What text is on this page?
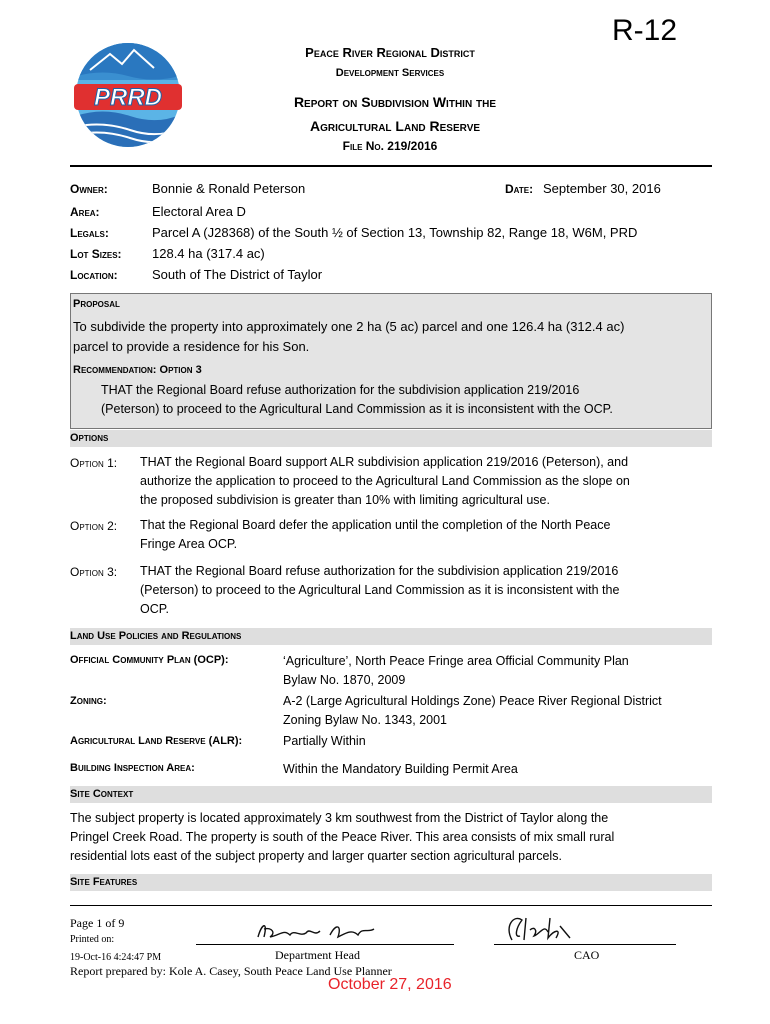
R-12
PRRD
Peace River Regional District
Development Services
Report on Subdivision Within the
Agricultural Land Reserve
File No. 219/2016
Owner:	Bonnie & Ronald Peterson	Date: September 30, 2016
Area:	Electoral Area D
Legals:	Parcel A (J28368) of the South ½ of Section 13, Township 82, Range 18, W6M, PRD
Lot Sizes: 128.4 ha (317.4 ac)
Location:	South of The District of Taylor
Proposal
To subdivide the property into approximately one 2 ha (5 ac) parcel and one 126.4 ha (312.4 ac)
parcel to provide a residence for his Son.
Recommendation: Option 3
THAT the Regional Board refuse authorization for the subdivision application 219/2016
(Peterson) to proceed to the Agricultural Land Commission as it is inconsistent with the OCP.
Options
Option 1: THAT the Regional Board support ALR subdivision application 219/2016 (Peterson), and
authorize the application to proceed to the Agricultural Land Commission as the slope on
the proposed subdivision is greater than 10% with limiting agricultural use.
Option 2: That the Regional Board defer the application until the completion of the North Peace
Fringe Area OCP.
Option 3: THAT the Regional Board refuse authorization for the subdivision application 219/2016
(Peterson) to proceed to the Agricultural Land Commission as it is inconsistent with the
OCP.
Land Use Policies and Regulations
Official Community Plan (OCP):	‘Agriculture’, North Peace Fringe area Official Community Plan
Bylaw No. 1870, 2009
Zoning:	A-2 (Large Agricultural Holdings Zone) Peace River Regional District
Zoning Bylaw No. 1343, 2001
Agricultural Land Reserve (ALR):	Partially Within
Building Inspection Area:	Within the Mandatory Building Permit Area
Site Context
The subject property is located approximately 3 km southwest from the District of Taylor along the
Pringel Creek Road. The property is south of the Peace River. This area consists of mix small rural
residential lots east of the subject property and larger quarter section agricultural parcels.
Site Features
Page 1 of 9
Printed on:
19-Oct-16 4:24:47 PM
Report prepared by: Kole A. Casey, South Peace Land Use Planner
Department Head	CAO
October 27, 2016
